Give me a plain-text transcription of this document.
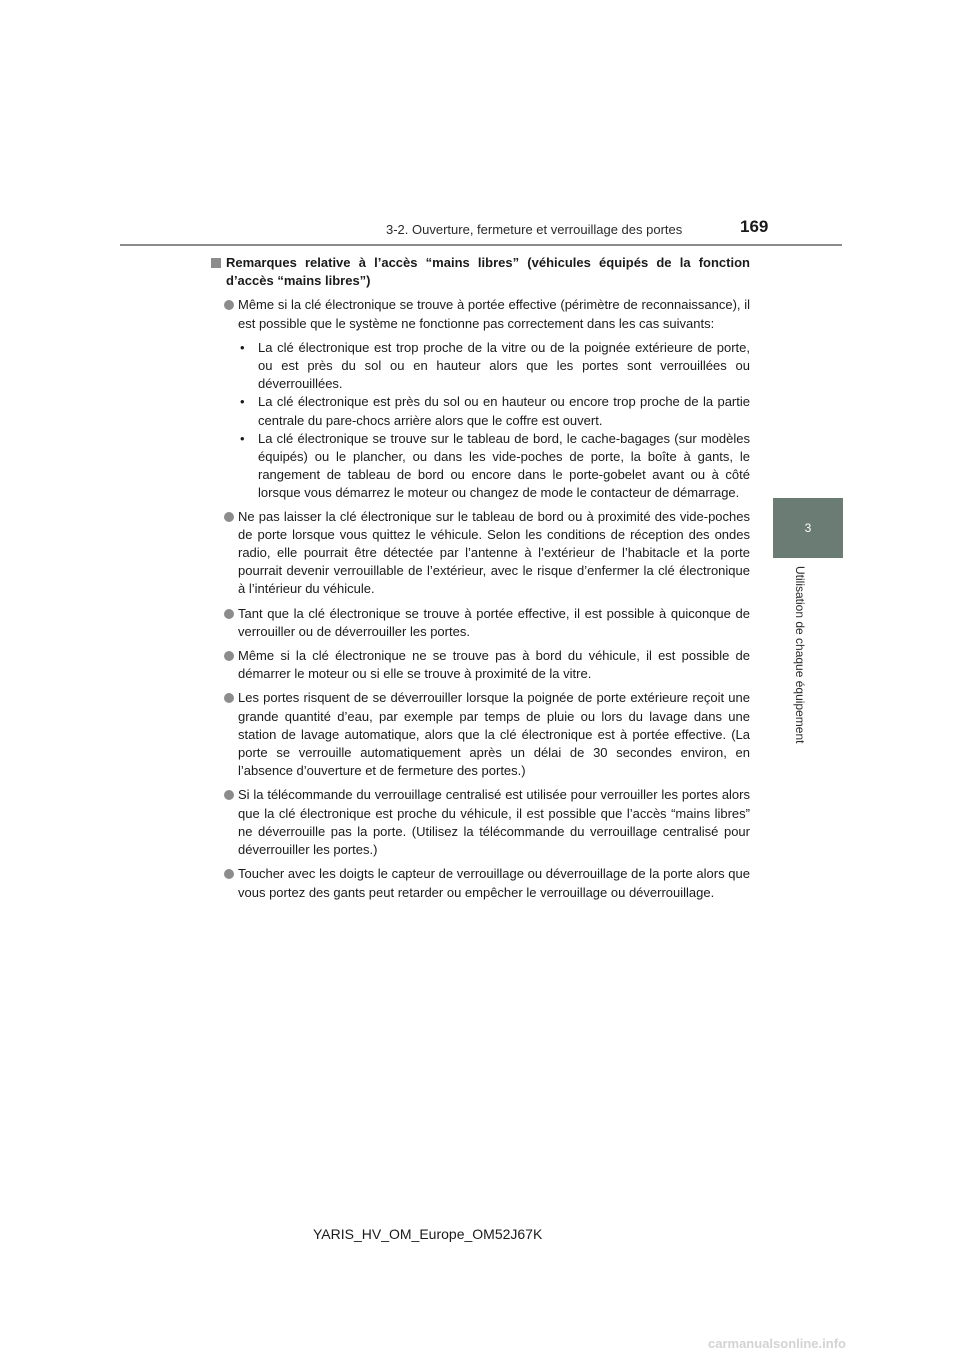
3-2. Ouverture, fermeture et verrouillage des portes	169
3
Utilisation de chaque équipement
Remarques relative à l’accès “mains libres” (véhicules équipés de la fonction d’accès “mains libres”)
Même si la clé électronique se trouve à portée effective (périmètre de reconnaissance), il est possible que le système ne fonctionne pas correctement dans les cas suivants:
• La clé électronique est trop proche de la vitre ou de la poignée extérieure de porte, ou est près du sol ou en hauteur alors que les portes sont verrouillées ou déverrouillées.
• La clé électronique est près du sol ou en hauteur ou encore trop proche de la partie centrale du pare-chocs arrière alors que le coffre est ouvert.
• La clé électronique se trouve sur le tableau de bord, le cache-bagages (sur modèles équipés) ou le plancher, ou dans les vide-poches de porte, la boîte à gants, le rangement de tableau de bord ou encore dans le porte-gobelet avant ou à côté lorsque vous démarrez le moteur ou changez de mode le contacteur de démarrage.
Ne pas laisser la clé électronique sur le tableau de bord ou à proximité des vide-poches de porte lorsque vous quittez le véhicule. Selon les conditions de réception des ondes radio, elle pourrait être détectée par l’antenne à l’extérieur de l’habitacle et la porte pourrait devenir verrouillable de l’extérieur, avec le risque d’enfermer la clé électronique à l’intérieur du véhicule.
Tant que la clé électronique se trouve à portée effective, il est possible à quiconque de verrouiller ou de déverrouiller les portes.
Même si la clé électronique ne se trouve pas à bord du véhicule, il est possible de démarrer le moteur ou si elle se trouve à proximité de la vitre.
Les portes risquent de se déverrouiller lorsque la poignée de porte extérieure reçoit une grande quantité d’eau, par exemple par temps de pluie ou lors du lavage dans une station de lavage automatique, alors que la clé électronique est à portée effective. (La porte se verrouille automatiquement après un délai de 30 secondes environ, en l’absence d’ouverture et de fermeture des portes.)
Si la télécommande du verrouillage centralisé est utilisée pour verrouiller les portes alors que la clé électronique est proche du véhicule, il est possible que l’accès “mains libres” ne déverrouille pas la porte. (Utilisez la télécommande du verrouillage centralisé pour déverrouiller les portes.)
Toucher avec les doigts le capteur de verrouillage ou déverrouillage de la porte alors que vous portez des gants peut retarder ou empêcher le verrouillage ou déverrouillage.
YARIS_HV_OM_Europe_OM52J67K
carmanualsonline.info
